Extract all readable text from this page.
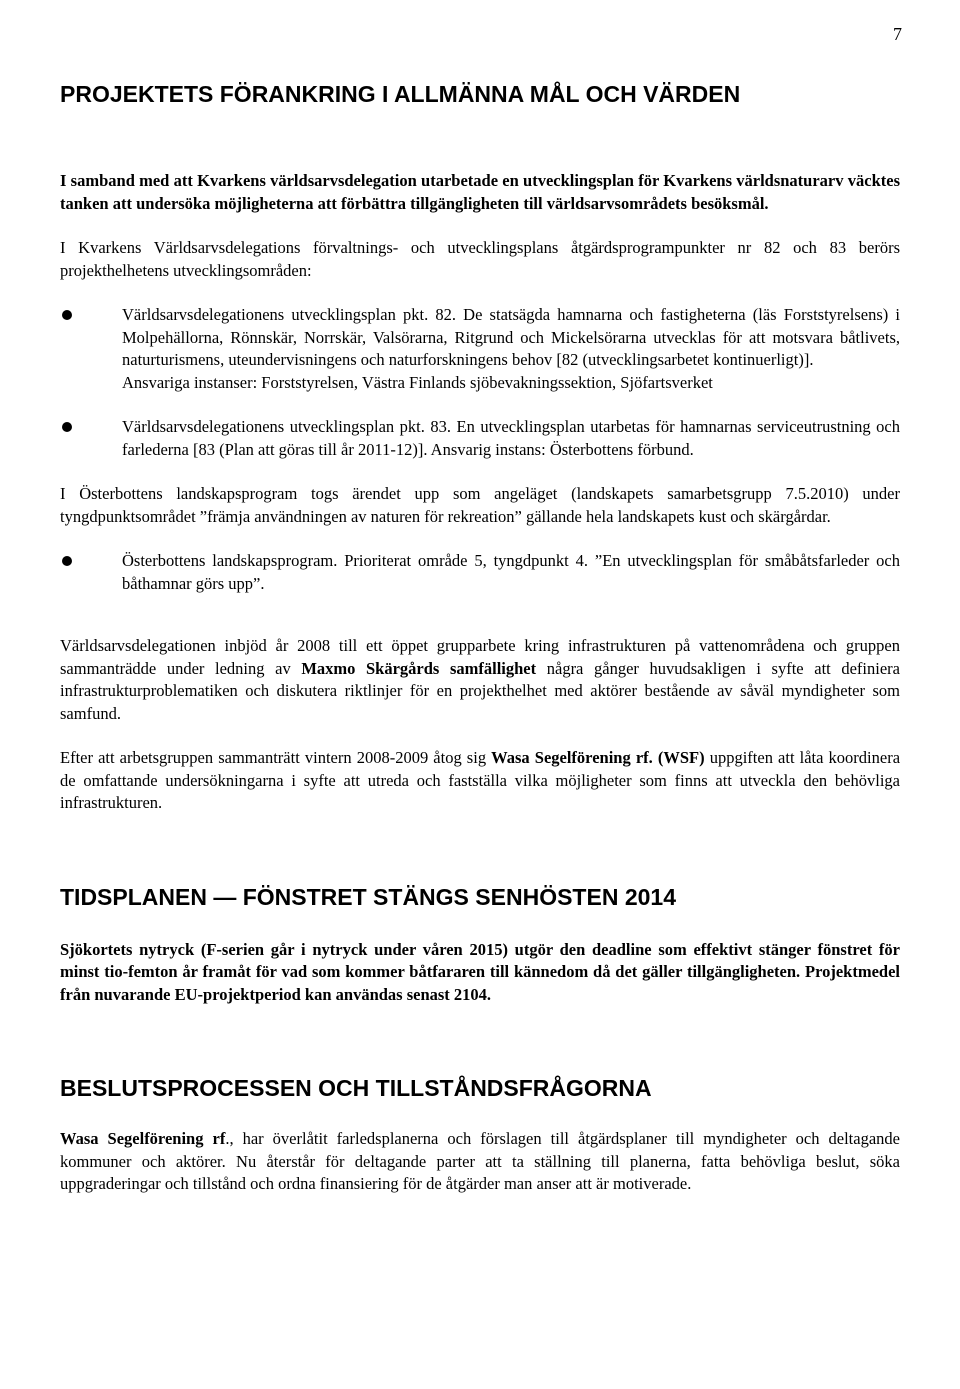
7
PROJEKTETS FÖRANKRING I ALLMÄNNA MÅL OCH VÄRDEN

I samband med att Kvarkens världsarvsdelegation utarbetade en utvecklingsplan för Kvarkens världsnaturarv väcktes tanken att undersöka möjligheterna att förbättra tillgängligheten till världsarvsområdets besöksmål.

I Kvarkens Världsarvsdelegations förvaltnings- och utvecklingsplans åtgärdsprogrampunkter nr 82 och 83 berörs projekthelhetens utvecklingsområden:

Världsarvsdelegationens utvecklingsplan pkt. 82. De statsägda hamnarna och fastigheterna (läs Forststyrelsens) i Molpehällorna, Rönnskär, Norrskär, Valsörarna, Ritgrund och Mickelsörarna utvecklas för att motsvara båtlivets, naturturismens, uteundervisningens och naturforskningens behov [82 (utvecklingsarbetet kontinuerligt)].

Ansvariga instanser: Forststyrelsen, Västra Finlands sjöbevakningssektion, Sjöfartsverket

Världsarvsdelegationens utvecklingsplan pkt. 83. En utvecklingsplan utarbetas för hamnarnas serviceutrustning och farlederna [83 (Plan att göras till år 2011-12)]. Ansvarig instans: Österbottens förbund.

I Österbottens landskapsprogram togs ärendet upp som angeläget (landskapets samarbetsgrupp 7.5.2010) under tyngdpunktsområdet ”främja användningen av naturen för rekreation” gällande hela landskapets kust och skärgårdar.

Österbottens landskapsprogram. Prioriterat område 5, tyngdpunkt 4. ”En utvecklingsplan för småbåtsfarleder och båthamnar görs upp”.

Världsarvsdelegationen inbjöd år 2008 till ett öppet grupparbete kring infrastrukturen på vattenområdena och gruppen sammanträdde under ledning av Maxmo Skärgårds samfällighet några gånger huvudsakligen i syfte att definiera infrastrukturproblematiken och diskutera riktlinjer för en projekthelhet med aktörer bestående av såväl myndigheter som samfund.

Efter att arbetsgruppen sammanträtt vintern 2008-2009 åtog sig Wasa Segelförening rf. (WSF) uppgiften att låta koordinera de omfattande undersökningarna i syfte att utreda och fastställa vilka möjligheter som finns att utveckla den behövliga infrastrukturen.

TIDSPLANEN — FÖNSTRET STÄNGS SENHÖSTEN 2014

Sjökortets nytryck (F-serien går i nytryck under våren 2015) utgör den deadline som effektivt stänger fönstret för minst tio-femton år framåt för vad som kommer båtfararen till kännedom då det gäller tillgängligheten. Projektmedel från nuvarande EU-projektperiod kan användas senast 2104.

BESLUTSPROCESSEN OCH TILLSTÅNDSFRÅGORNA

Wasa Segelförening rf., har överlåtit farledsplanerna och förslagen till åtgärdsplaner till myndigheter och deltagande kommuner och aktörer. Nu återstår för deltagande parter att ta ställning till planerna, fatta behövliga beslut, söka uppgraderingar och tillstånd och ordna finansiering för de åtgärder man anser att är motiverade.
